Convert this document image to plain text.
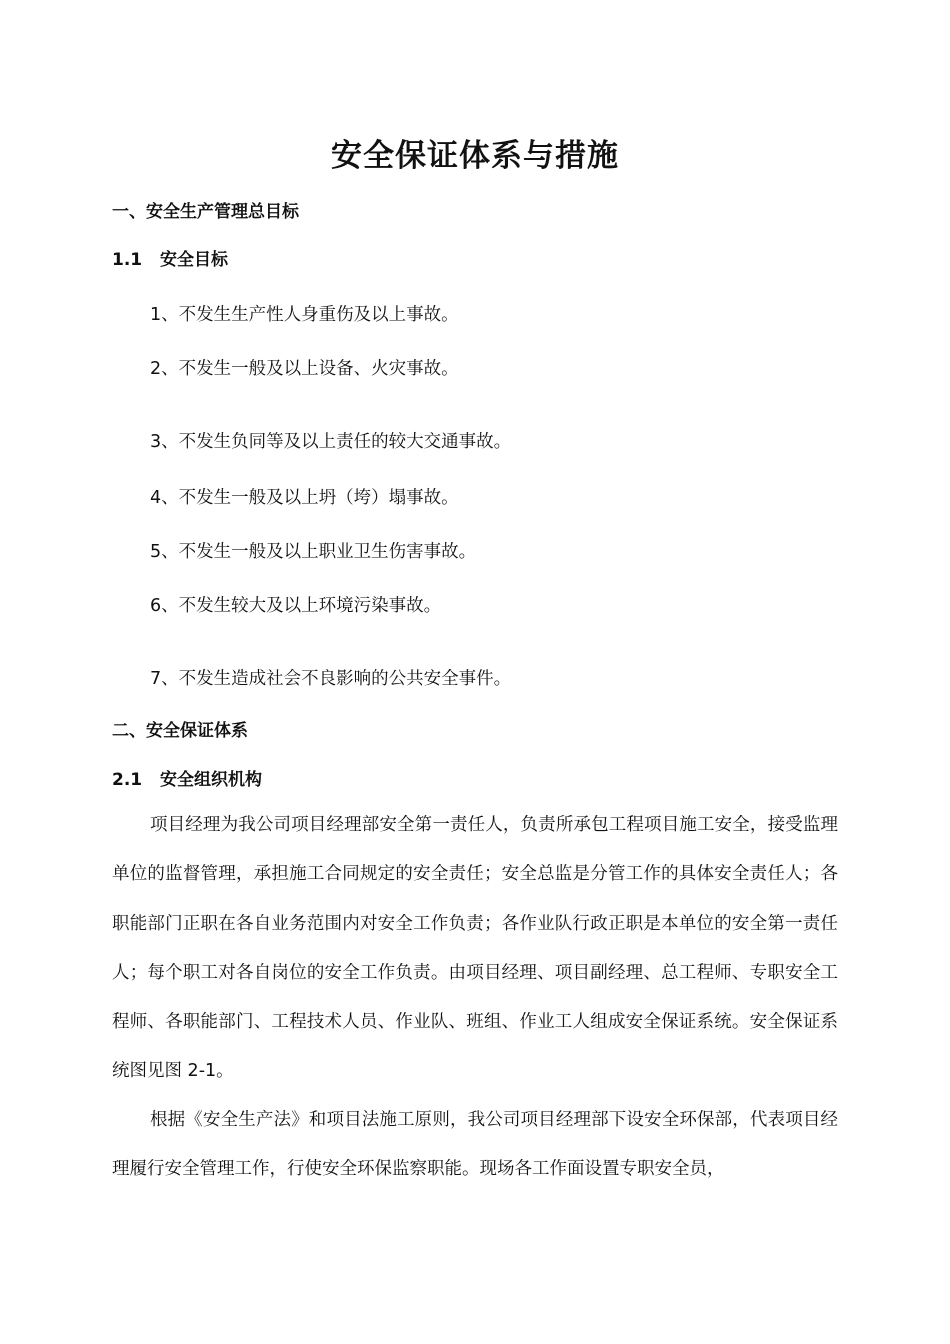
安全保证体系与措施
一、安全生产管理总目标
1.1 安全目标
1、不发生生产性人身重伤及以上事故。
2、不发生一般及以上设备、火灾事故。
3、不发生负同等及以上责任的较大交通事故。
4、不发生一般及以上坍（垮）塌事故。
5、不发生一般及以上职业卫生伤害事故。
6、不发生较大及以上环境污染事故。
7、不发生造成社会不良影响的公共安全事件。
二、安全保证体系
2.1 安全组织机构

项目经理为我公司项目经理部安全第一责任人，负责所承包工程项目施工安全，接受监理单位的监督管理，承担施工合同规定的安全责任；安全总监是分管工作的具体安全责任人；各职能部门正职在各自业务范围内对安全工作负责；各作业队行政正职是本单位的安全第一责任人；每个职工对各自岗位的安全工作负责。由项目经理、项目副经理、总工程师、专职安全工程师、各职能部门、工程技术人员、作业队、班组、作业工人组成安全保证系统。安全保证系统图见图 2-1。

根据《安全生产法》和项目法施工原则，我公司项目经理部下设安全环保部，代表项目经理履行安全管理工作，行使安全环保监察职能。现场各工作面设置专职安全员，
